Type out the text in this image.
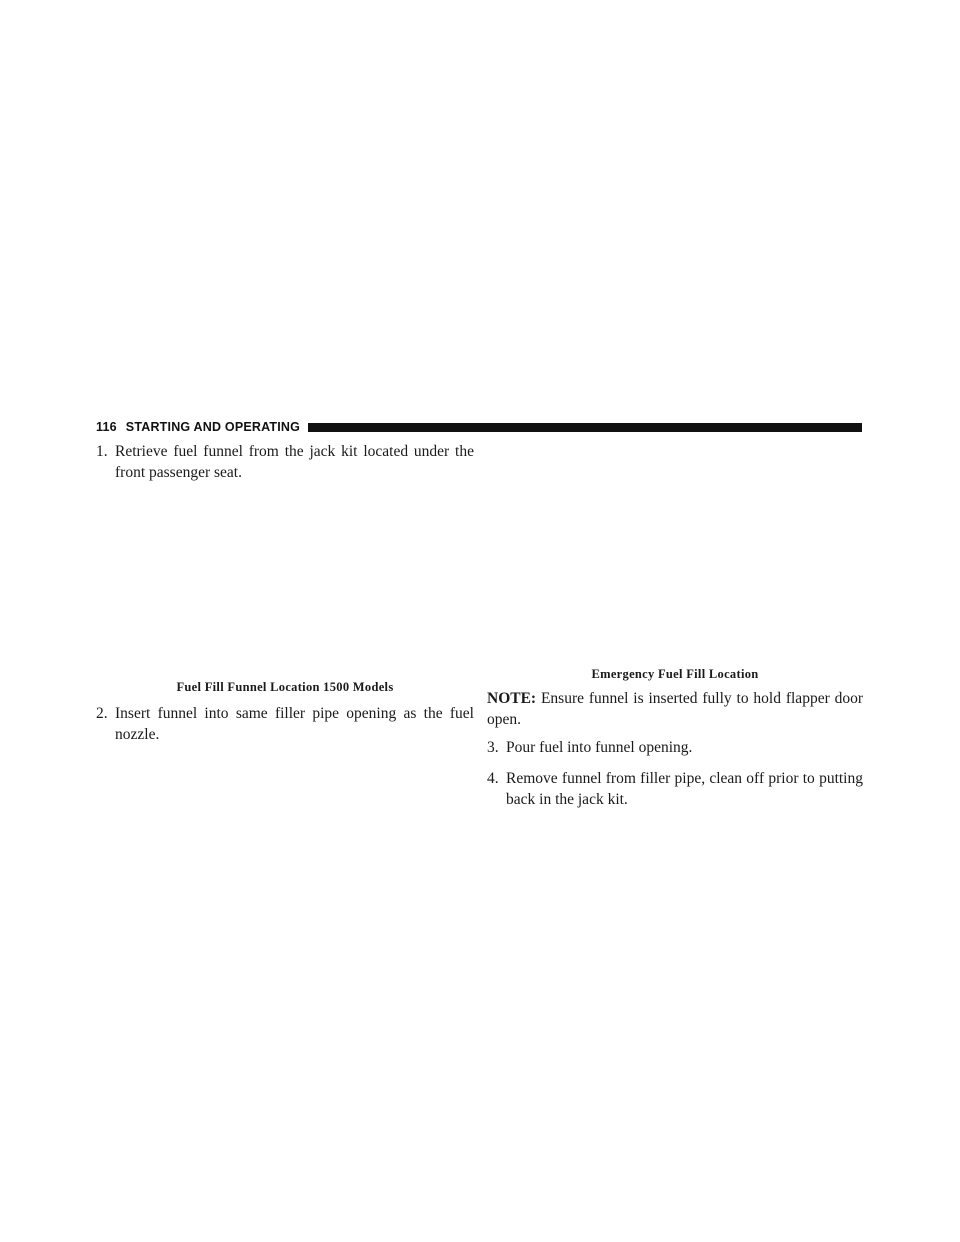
116 STARTING AND OPERATING
1. Retrieve fuel funnel from the jack kit located under the front passenger seat.
Fuel Fill Funnel Location 1500 Models
2. Insert funnel into same filler pipe opening as the fuel nozzle.
Emergency Fuel Fill Location
NOTE: Ensure funnel is inserted fully to hold flapper door open.
3. Pour fuel into funnel opening.
4. Remove funnel from filler pipe, clean off prior to putting back in the jack kit.
